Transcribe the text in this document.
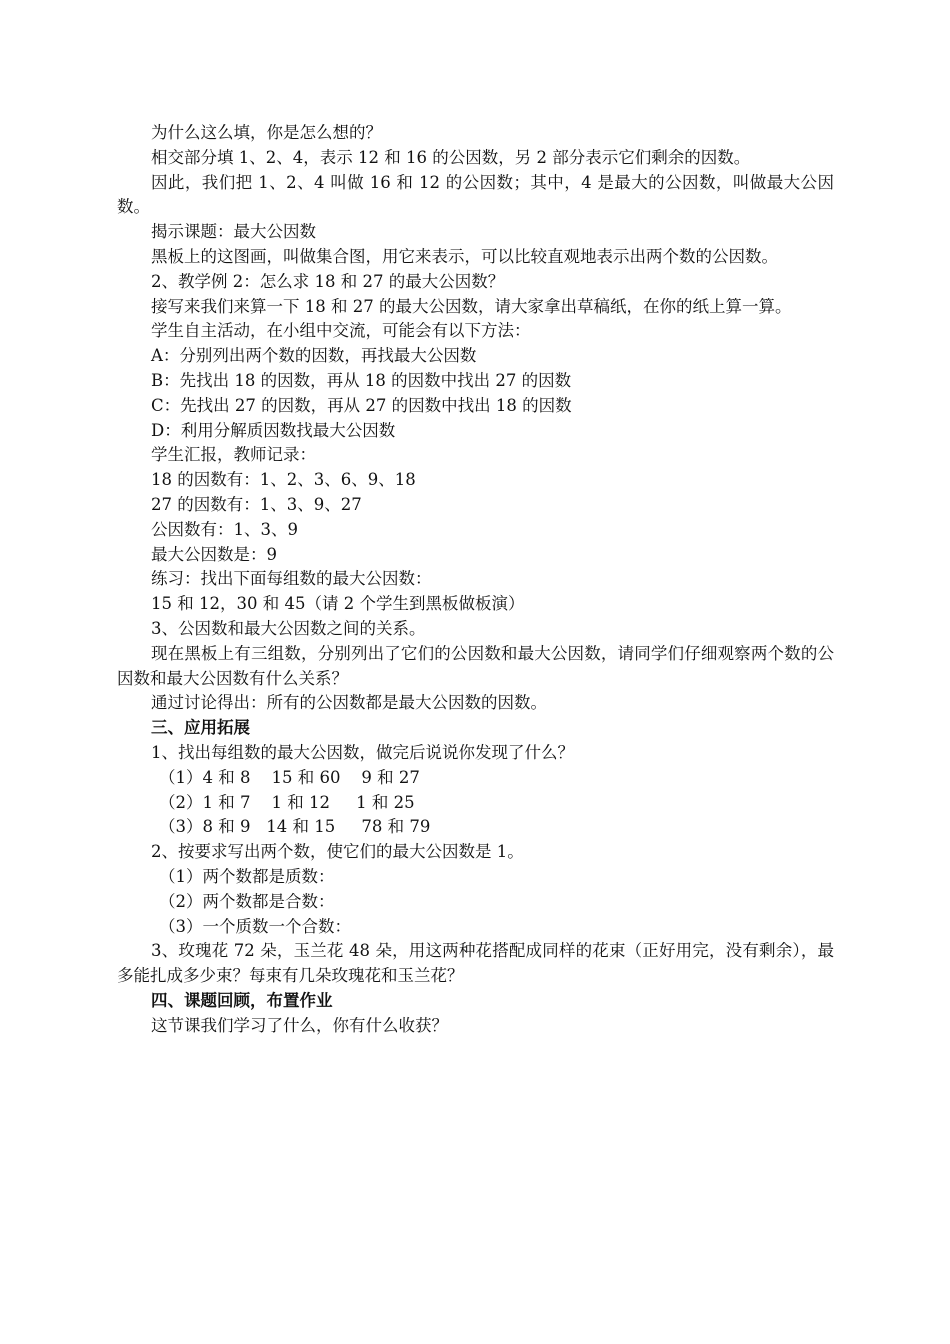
为什么这么填，你是怎么想的？

相交部分填 1、2、4，表示 12 和 16 的公因数，另 2 部分表示它们剩余的因数。

因此，我们把 1、2、4 叫做 16 和 12 的公因数；其中，4 是最大的公因数，叫做最大公因数。

揭示课题：最大公因数

黑板上的这图画，叫做集合图，用它来表示，可以比较直观地表示出两个数的公因数。

2、教学例 2：怎么求 18 和 27 的最大公因数？

接写来我们来算一下 18 和 27 的最大公因数，请大家拿出草稿纸，在你的纸上算一算。

学生自主活动，在小组中交流，可能会有以下方法：

A：分别列出两个数的因数，再找最大公因数

B：先找出 18 的因数，再从 18 的因数中找出 27 的因数

C：先找出 27 的因数，再从 27 的因数中找出 18 的因数

D：利用分解质因数找最大公因数

学生汇报，教师记录：

18 的因数有：1、2、3、6、9、18

27 的因数有：1、3、9、27

公因数有：1、3、9

最大公因数是：9

练习：找出下面每组数的最大公因数：

15 和 12，30 和 45（请 2 个学生到黑板做板演）

3、公因数和最大公因数之间的关系。

现在黑板上有三组数，分别列出了它们的公因数和最大公因数，请同学们仔细观察两个数的公因数和最大公因数有什么关系？

通过讨论得出：所有的公因数都是最大公因数的因数。

三、应用拓展

1、找出每组数的最大公因数，做完后说说你发现了什么？

（1）4 和 8    15 和 60    9 和 27

（2）1 和 7    1 和 12     1 和 25

（3）8 和 9   14 和 15     78 和 79

2、按要求写出两个数，使它们的最大公因数是 1。

（1）两个数都是质数：

（2）两个数都是合数：

（3）一个质数一个合数：

3、玫瑰花 72 朵，玉兰花 48 朵，用这两种花搭配成同样的花束（正好用完，没有剩余），最多能扎成多少束？每束有几朵玫瑰花和玉兰花？

四、课题回顾，布置作业

这节课我们学习了什么，你有什么收获？
